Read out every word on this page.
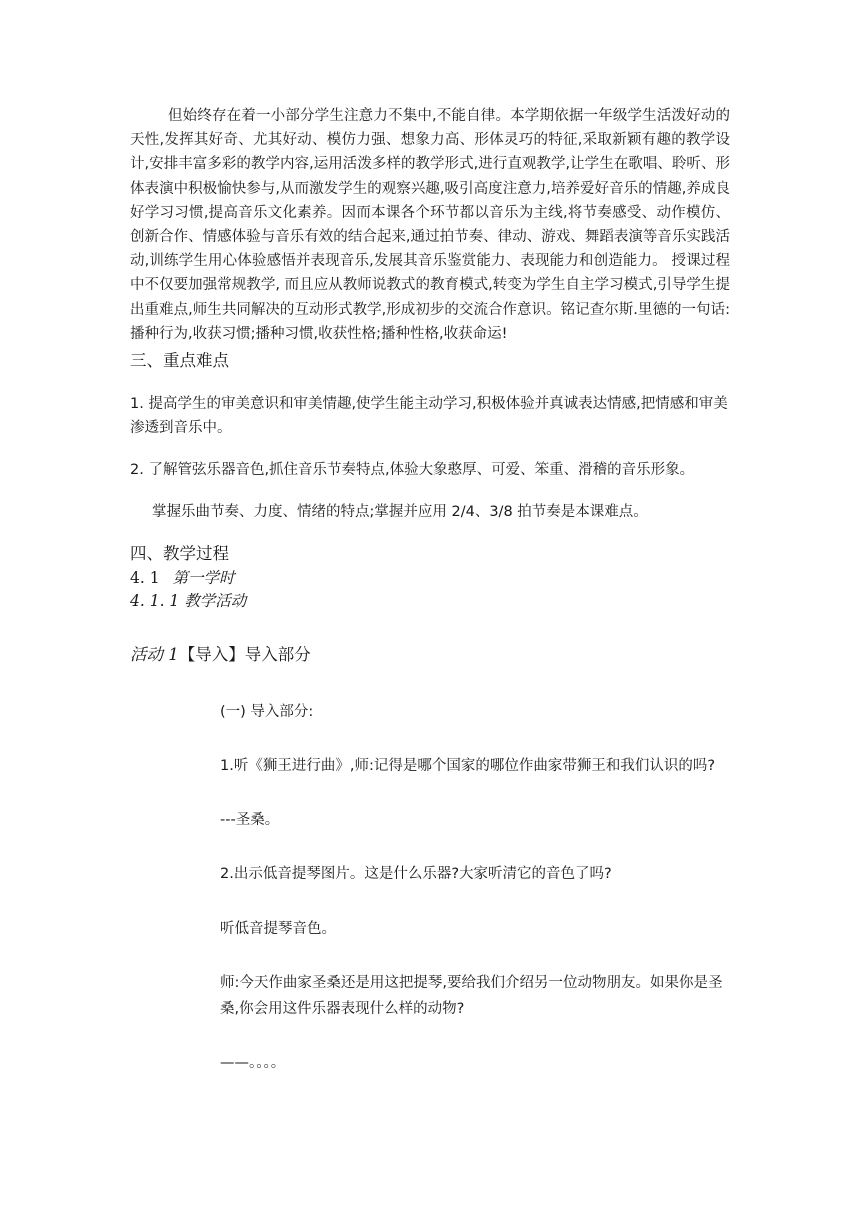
但始终存在着一小部分学生注意力不集中,不能自律。本学期依据一年级学生活泼好动的天性,发挥其好奇、尤其好动、模仿力强、想象力高、形体灵巧的特征,采取新颖有趣的教学设计,安排丰富多彩的教学内容,运用活泼多样的教学形式,进行直观教学,让学生在歌唱、聆听、形体表演中积极愉快参与,从而激发学生的观察兴趣,吸引高度注意力,培养爱好音乐的情趣,养成良好学习习惯,提高音乐文化素养。因而本课各个环节都以音乐为主线,将节奏感受、动作模仿、创新合作、情感体验与音乐有效的结合起来,通过拍节奏、律动、游戏、舞蹈表演等音乐实践活动,训练学生用心体验感悟并表现音乐,发展其音乐鉴赏能力、表现能力和创造能力。 授课过程中不仅要加强常规教学, 而且应从教师说教式的教育模式,转变为学生自主学习模式,引导学生提出重难点,师生共同解决的互动形式教学,形成初步的交流合作意识。铭记查尔斯.里德的一句话:播种行为,收获习惯;播种习惯,收获性格;播种性格,收获命运!

三、重点难点

1. 提高学生的审美意识和审美情趣,使学生能主动学习,积极体验并真诚表达情感,把情感和审美渗透到音乐中。

2. 了解管弦乐器音色,抓住音乐节奏特点,体验大象憨厚、可爱、笨重、滑稽的音乐形象。

掌握乐曲节奏、力度、情绪的特点;掌握并应用 2/4、3/8 拍节奏是本课难点。

四、教学过程

4. 1 第一学时

4. 1. 1 教学活动

活动 1【导入】导入部分

(一) 导入部分:

1.听《狮王进行曲》,师:记得是哪个国家的哪位作曲家带狮王和我们认识的吗?

---圣桑。

2.出示低音提琴图片。这是什么乐器?大家听清它的音色了吗?

听低音提琴音色。

师:今天作曲家圣桑还是用这把提琴,要给我们介绍另一位动物朋友。如果你是圣桑,你会用这件乐器表现什么样的动物?

——。。。。
